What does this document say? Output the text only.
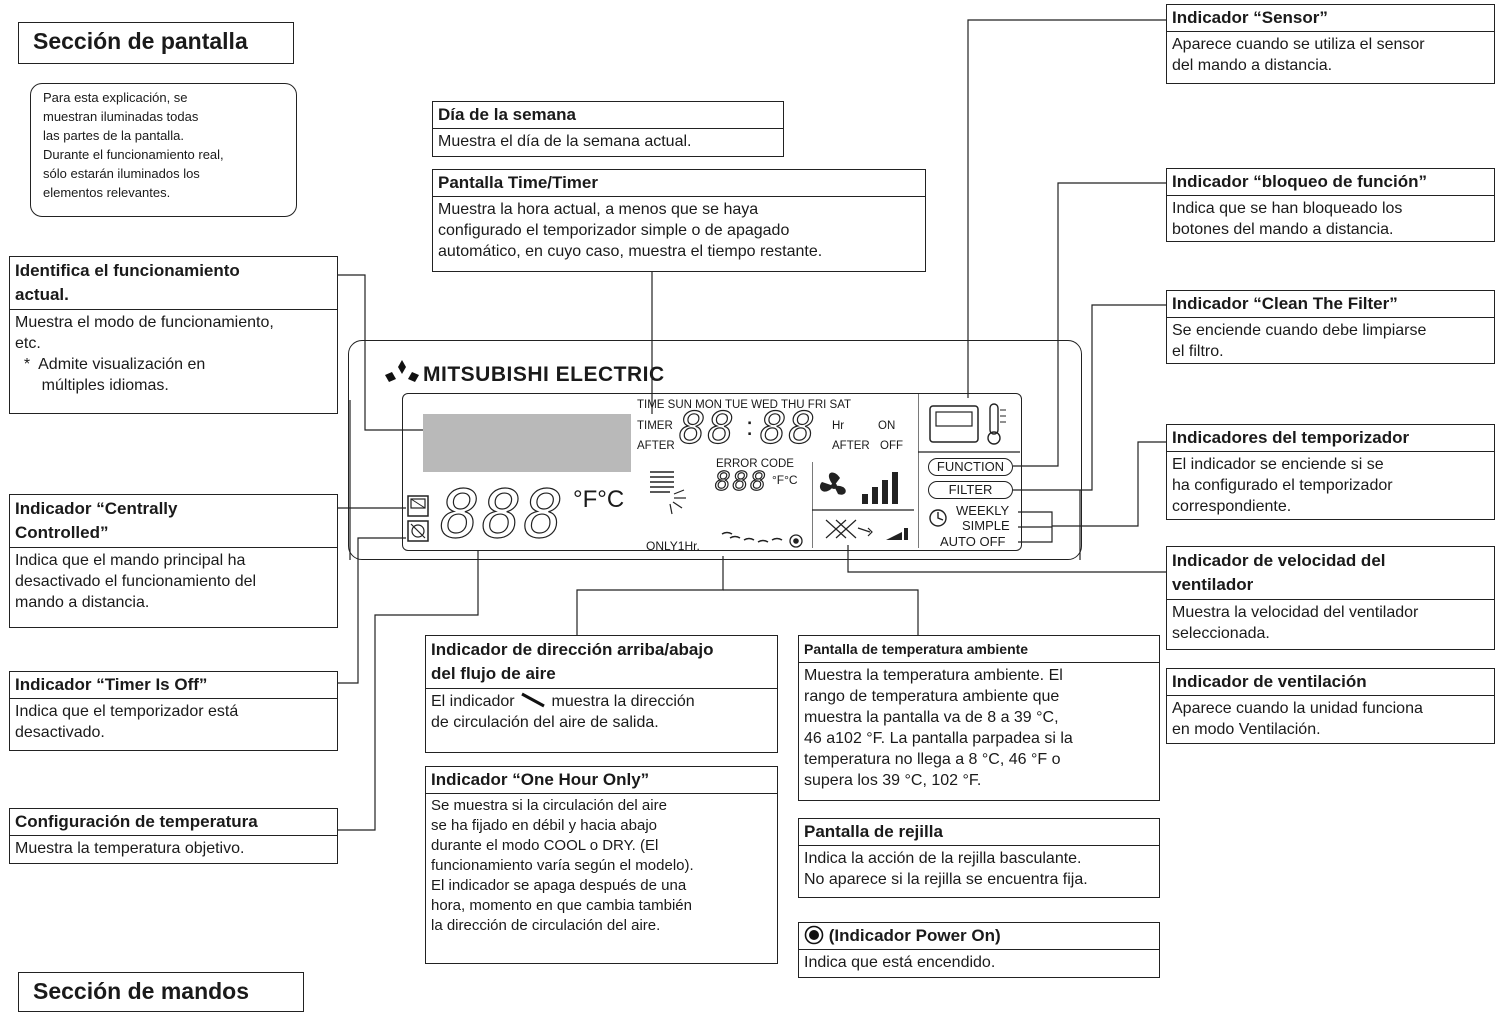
Sección de pantalla
Sección de mandos
Para esta explicación, se
muestran iluminadas todas
las partes de la pantalla.
Durante el funcionamiento real,
sólo estarán iluminados los
elementos relevantes.
MITSUBISHI ELECTRIC
888 °F°C
TIME SUN MON TUE WED THU FRI SAT
TIMER
AFTER 88 : 88 Hr	ON
AFTER OFF
ERROR CODE
888 °F°C
ONLY1Hr.
FUNCTION
FILTER
WEEKLY
SIMPLE
AUTO OFF
Día de la semana
Muestra el día de la semana actual.
Pantalla Time/Timer
Muestra la hora actual, a menos que se haya
configurado el temporizador simple o de apagado
automático, en cuyo caso, muestra el tiempo restante.
Identifica el funcionamiento
actual.
Muestra el modo de funcionamiento,
etc.
*  Admite visualización en
múltiples idiomas.
Indicador “Centrally
Controlled”
Indica que el mando principal ha
desactivado el funcionamiento del
mando a distancia.
Indicador “Timer Is Off”
Indica que el temporizador está
desactivado.
Configuración de temperatura
Muestra la temperatura objetivo.
Indicador de dirección arriba/abajo
del flujo de aire
El indicador muestra la dirección
de circulación del aire de salida.
Indicador “One Hour Only”
Se muestra si la circulación del aire
se ha fijado en débil y hacia abajo
durante el modo COOL o DRY. (El
funcionamiento varía según el modelo).
El indicador se apaga después de una
hora, momento en que cambia también
la dirección de circulación del aire.
Pantalla de temperatura ambiente
Muestra la temperatura ambiente. El
rango de temperatura ambiente que
muestra la pantalla va de 8 a 39 °C,
46 a102 °F. La pantalla parpadea si la
temperatura no llega a 8 °C, 46 °F o
supera los 39 °C, 102 °F.
Pantalla de rejilla
Indica la acción de la rejilla basculante.
No aparece si la rejilla se encuentra fija.
(Indicador Power On)
Indica que está encendido.
Indicador “Sensor”
Aparece cuando se utiliza el sensor
del mando a distancia.
Indicador “bloqueo de función”
Indica que se han bloqueado los
botones del mando a distancia.
Indicador “Clean The Filter”
Se enciende cuando debe limpiarse
el filtro.
Indicadores del temporizador
El indicador se enciende si se
ha configurado el temporizador
correspondiente.
Indicador de velocidad del
ventilador
Muestra la velocidad del ventilador
seleccionada.
Indicador de ventilación
Aparece cuando la unidad funciona
en modo Ventilación.
